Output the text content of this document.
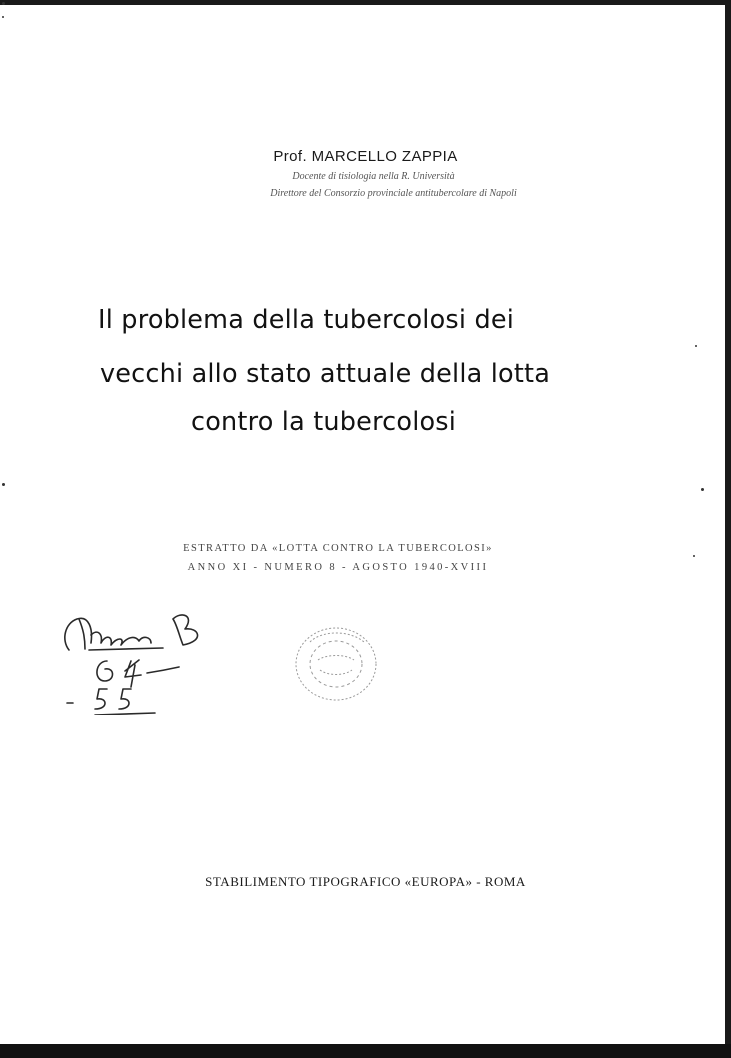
Prof. MARCELLO ZAPPIA
Docente di tisiologia nella R. Università
Direttore del Consorzio provinciale antitubercolare di Napoli
Il problema della tubercolosi dei
vecchi allo stato attuale della lotta
contro la tubercolosi
ESTRATTO DA «LOTTA CONTRO LA TUBERCOLOSI»
ANNO XI - NUMERO 8 - AGOSTO 1940-XVIII
STABILIMENTO TIPOGRAFICO «EUROPA» - ROMA
